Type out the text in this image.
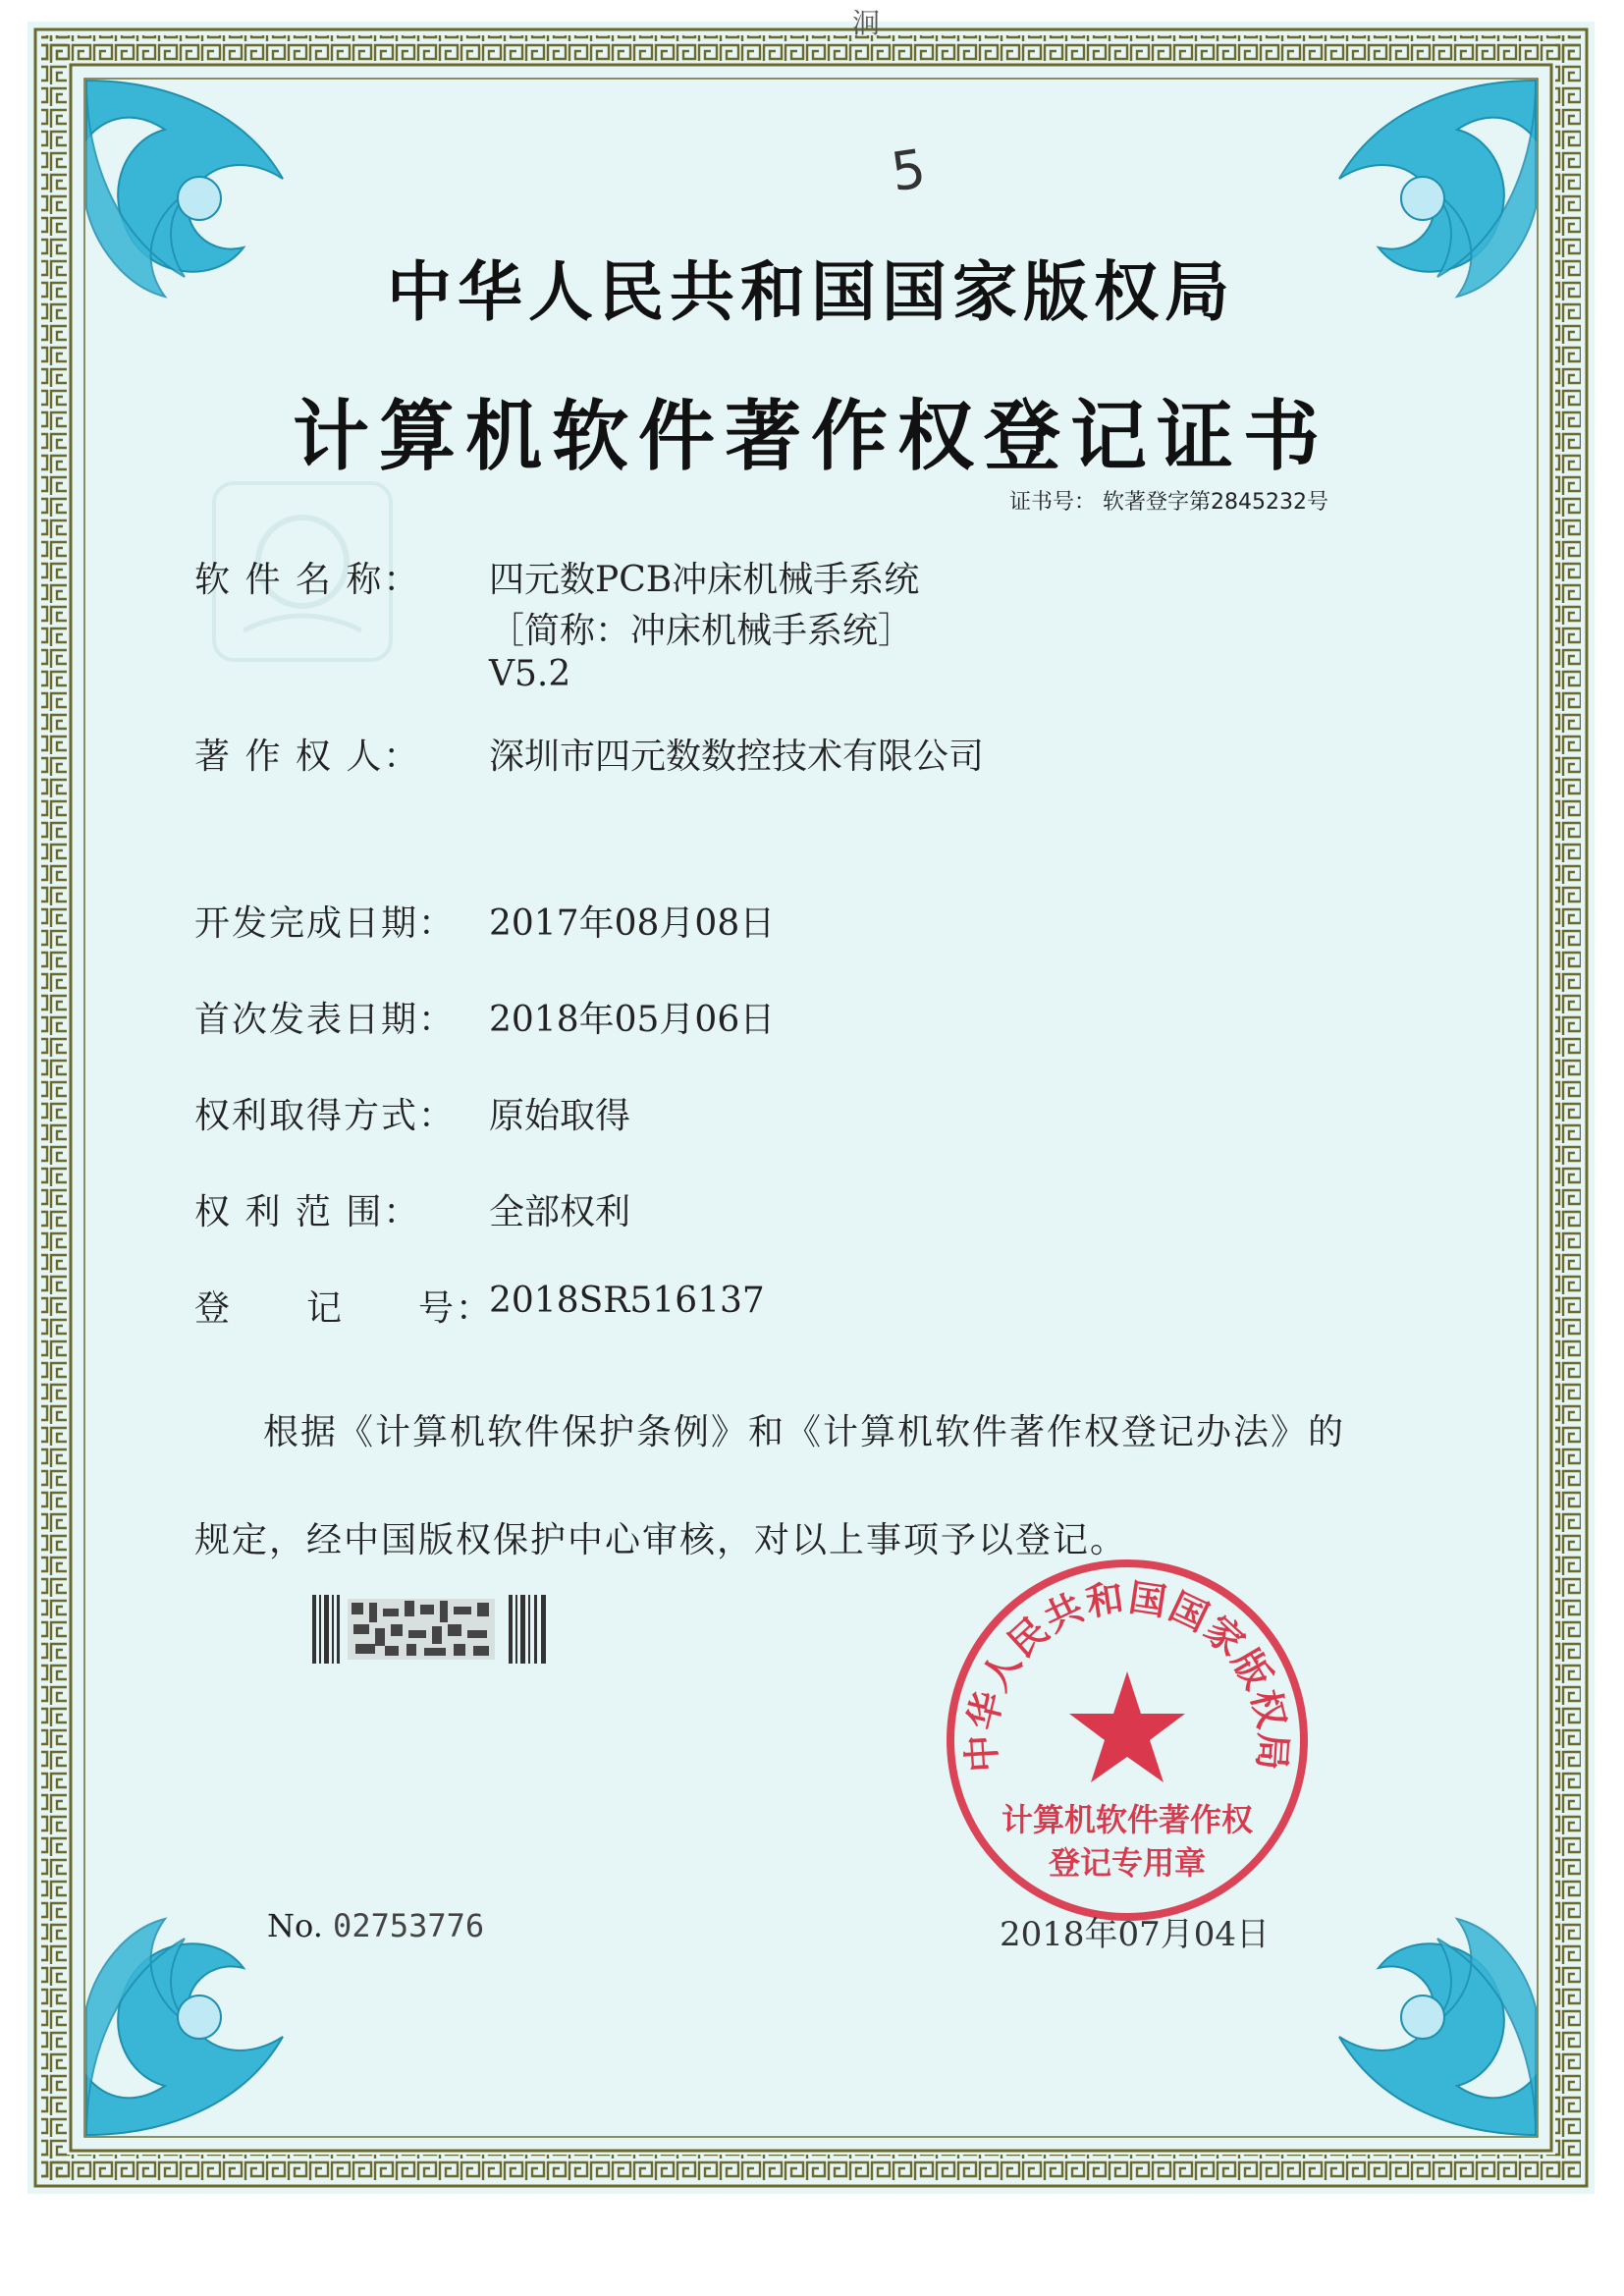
泂
5
中华人民共和国国家版权局
计算机软件著作权登记证书
证书号： 软著登字第2845232号
软 件 名 称： 四元数PCB冲床机械手系统
［简称：冲床机械手系统］
V5.2
著 作 权 人： 深圳市四元数数控技术有限公司
开发完成日期： 2017年08月08日
首次发表日期： 2018年05月06日
权利取得方式： 原始取得
权 利 范 围： 全部权利
登　　记　　号：
2018SR516137
根据《计算机软件保护条例》和《计算机软件著作权登记办法》的
规定，经中国版权保护中心审核，对以上事项予以登记。
中华人民共和国国家版权局
计算机软件著作权
登记专用章
No. 02753776	2018年07月04日
